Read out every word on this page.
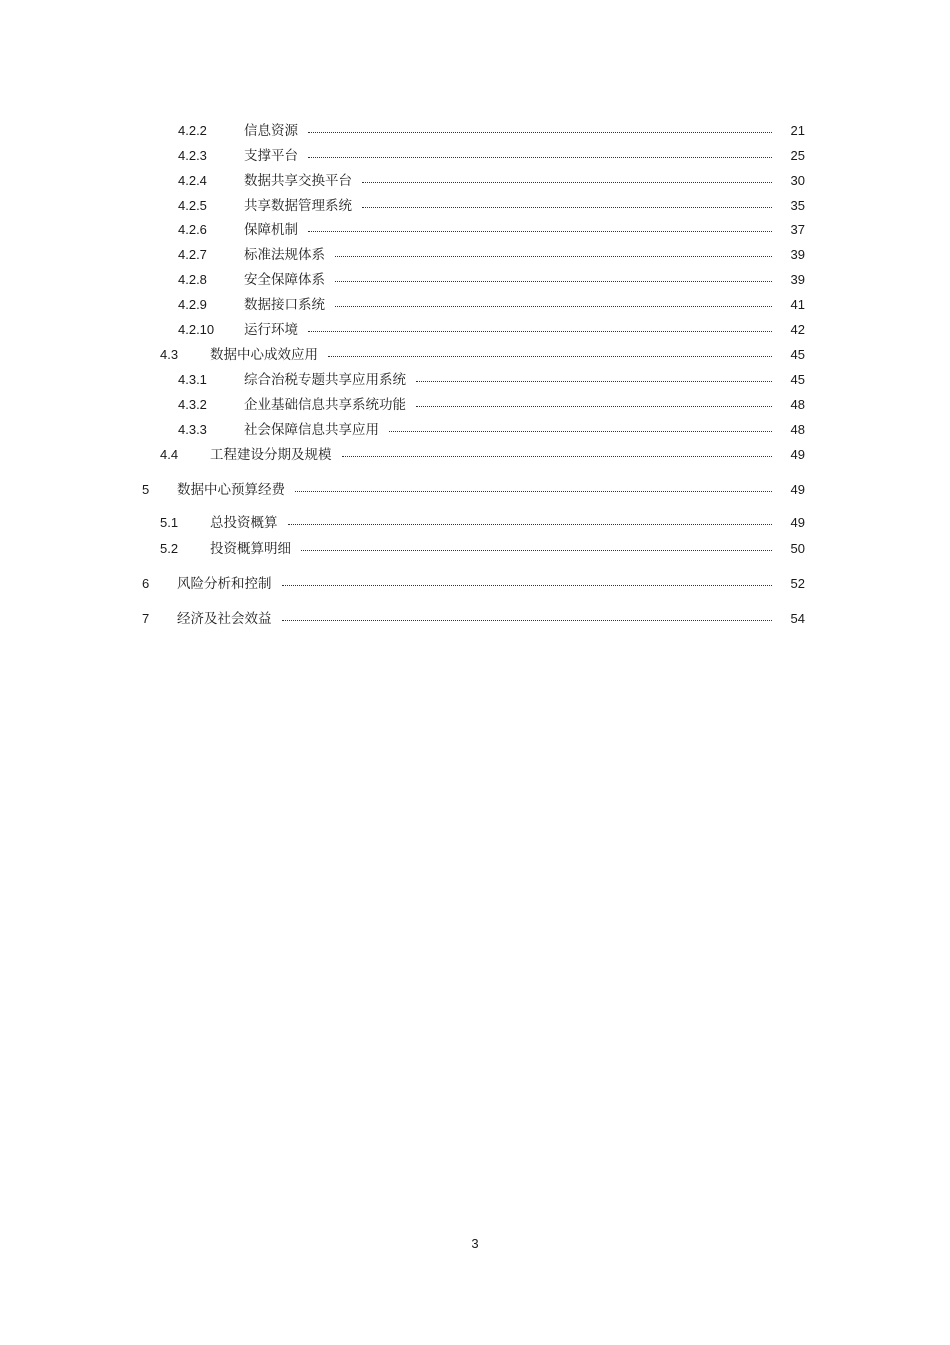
4.2.2	信息资源	21
4.2.3	支撑平台	25
4.2.4	数据共享交换平台	30
4.2.5	共享数据管理系统	35
4.2.6	保障机制	37
4.2.7	标准法规体系	39
4.2.8	安全保障体系	39
4.2.9	数据接口系统	41
4.2.10 运行环境	42
4.3 数据中心成效应用	45
4.3.1	综合治税专题共享应用系统	45
4.3.2	企业基础信息共享系统功能	48
4.3.3	社会保障信息共享应用	48
4.4 工程建设分期及规模	49
5 数据中心预算经费	49
5.1 总投资概算	49
5.2 投资概算明细	50
6 风险分析和控制	52
7 经济及社会效益	54
3
